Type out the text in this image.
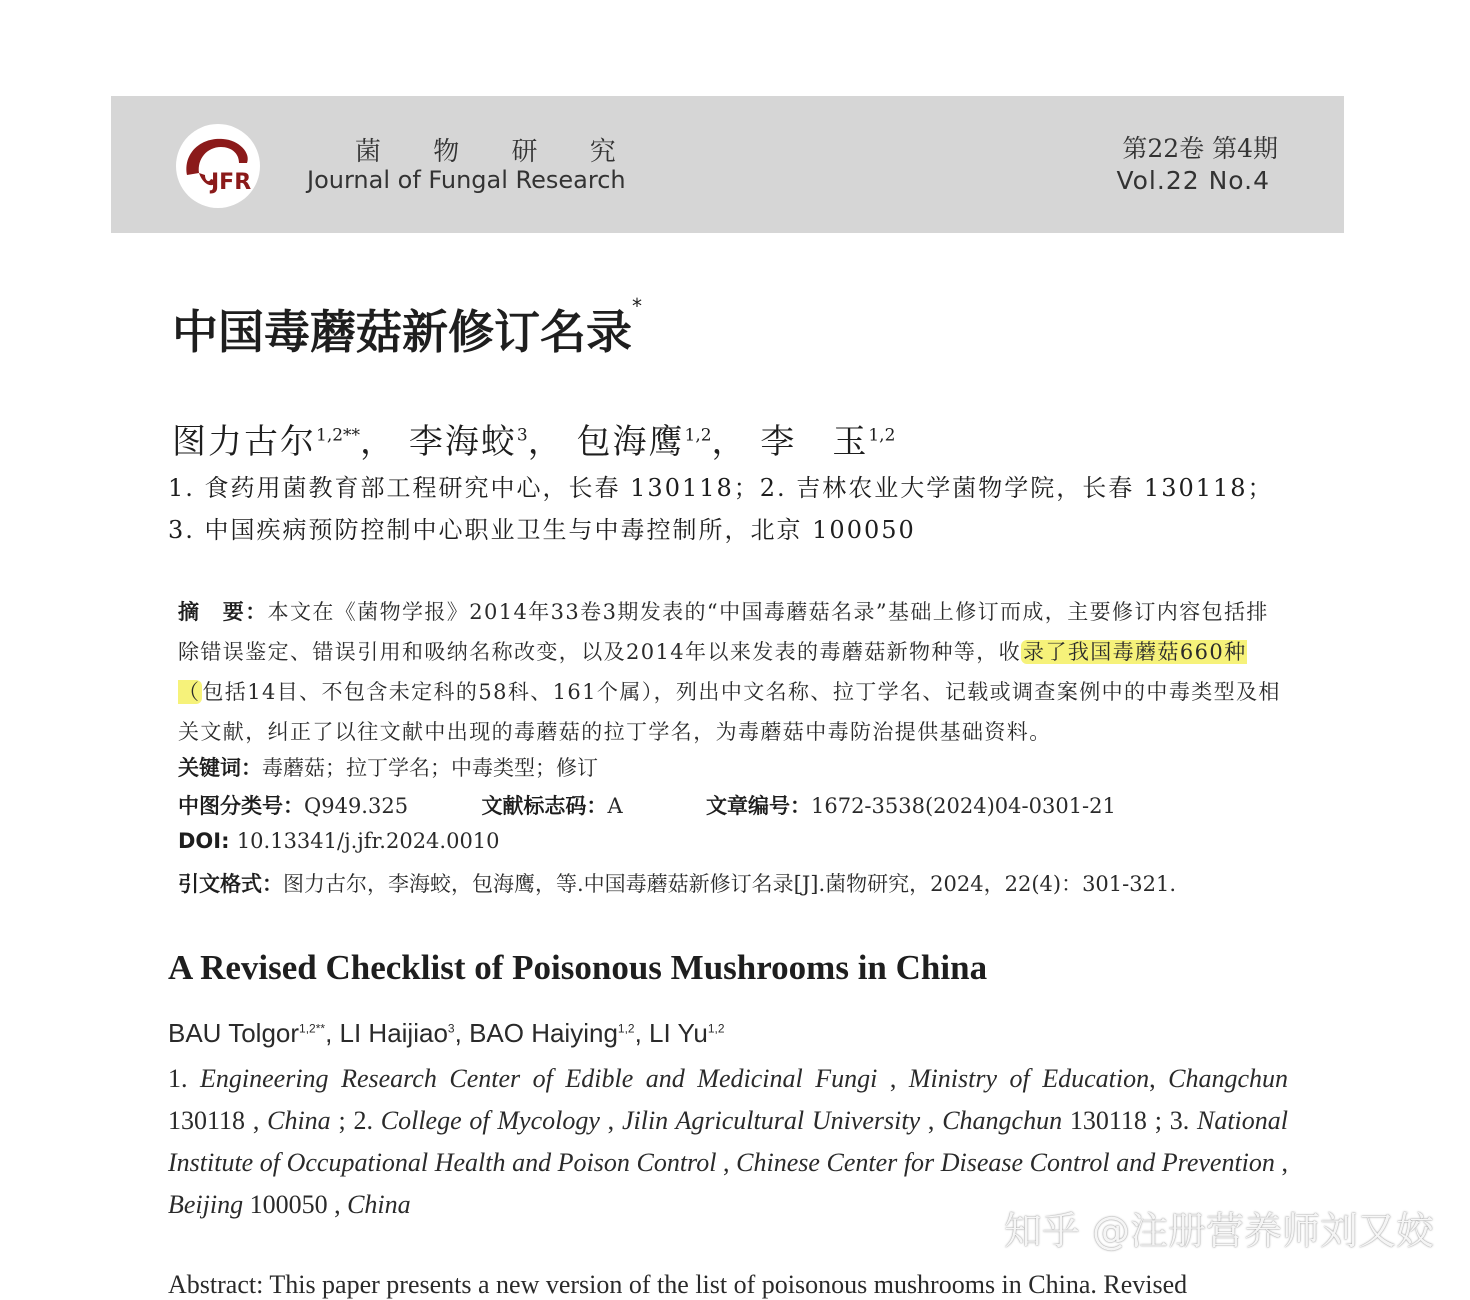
JFR
菌 物 研 究
Journal of Fungal Research
第22卷 第4期
Vol.22 No.4
中国毒蘑菇新修订名录*
图力古尔$^{1,2**}$， 李海蛟$^3$， 包海鹰$^{1,2}$， 李　玉$^{1,2}$
1. 食药用菌教育部工程研究中心，长春 130118；2. 吉林农业大学菌物学院，长春 130118；
3. 中国疾病预防控制中心职业卫生与中毒控制所，北京 100050
摘　要：本文在《菌物学报》2014年33卷3期发表的“中国毒蘑菇名录”基础上修订而成，主要修订内容包括排除错误鉴定、错误引用和吸纳名称改变，以及2014年以来发表的毒蘑菇新物种等，收录了我国毒蘑菇660种（包括14目、不包含未定科的58科、161个属），列出中文名称、拉丁学名、记载或调查案例中的中毒类型及相关文献，纠正了以往文献中出现的毒蘑菇的拉丁学名，为毒蘑菇中毒防治提供基础资料。
关键词：毒蘑菇；拉丁学名；中毒类型；修订
中图分类号：Q949.325	文献标志码：A	文章编号：1672-3538(2024)04-0301-21
DOI: 10.13341/j.jfr.2024.0010
引文格式：图力古尔，李海蛟，包海鹰，等.中国毒蘑菇新修订名录[J].菌物研究，2024，22(4)：301-321.
A Revised Checklist of Poisonous Mushrooms in China
BAU Tolgor$^{1,2**}$, LI Haijiao$^3$, BAO Haiying$^{1,2}$, LI Yu$^{1,2}$
1. Engineering Research Center of Edible and Medicinal Fungi , Ministry of Education, Changchun 130118 , China ; 2. College of Mycology , Jilin Agricultural University , Changchun 130118 ; 3. National Institute of Occupational Health and Poison Control , Chinese Center for Disease Control and Prevention , Beijing 100050 , China
Abstract: This paper presents a new version of the list of poisonous mushrooms in China. Revised
知乎 @注册营养师刘又姣
